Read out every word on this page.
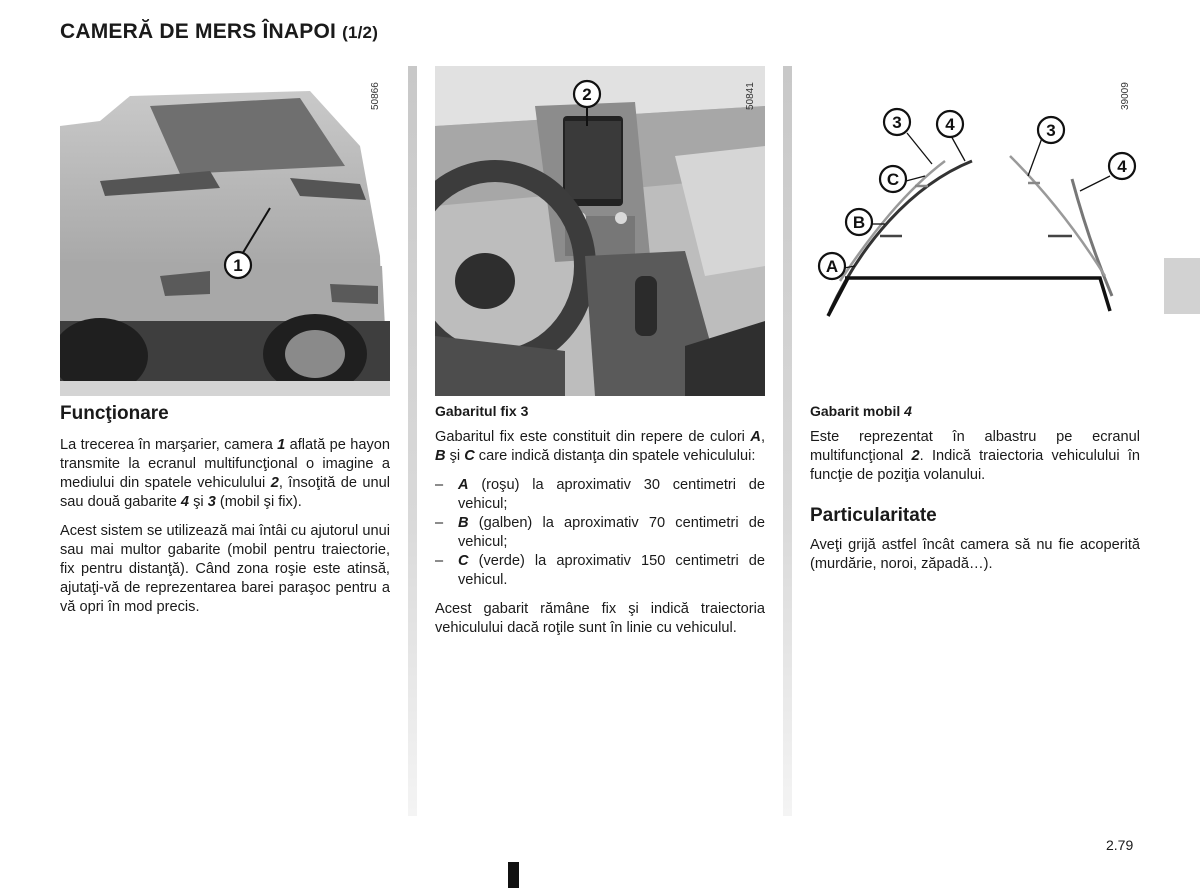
CAMERĂ DE MERS ÎNAPOI (1/2)
1
50866	2	50841
3	4	3
4
C
B
A
39009
Funcţionare

La trecerea în marşarier, camera 1 aflată pe hayon transmite la ecranul multifuncţional o imagine a mediului din spatele vehiculului 2, însoţită de unul sau două gabarite 4 şi 3 (mobil şi fix).

Acest sistem se utilizează mai întâi cu ajutorul unui sau mai multor gabarite (mobil pentru traiectorie, fix pentru distanţă). Când zona roşie este atinsă, ajutaţi-vă de reprezentarea barei paraşoc pentru a vă opri în mod precis.

Gabaritul fix 3

Gabaritul fix este constituit din repere de culori A, B şi C care indică distanţa din spatele vehiculului:

– A (roşu) la aproximativ 30 centimetri de vehicul;
– B (galben) la aproximativ 70 centimetri de vehicul;
– C (verde) la aproximativ 150 centimetri de vehicul.

Acest gabarit rămâne fix şi indică traiectoria vehiculului dacă roţile sunt în linie cu vehiculul.

Gabarit mobil 4

Este reprezentat în albastru pe ecranul multifuncţional 2. Indică traiectoria vehiculului în funcţie de poziţia volanului.

Particularitate

Aveţi grijă astfel încât camera să nu fie acoperită (murdărie, noroi, zăpadă…).

2.79
